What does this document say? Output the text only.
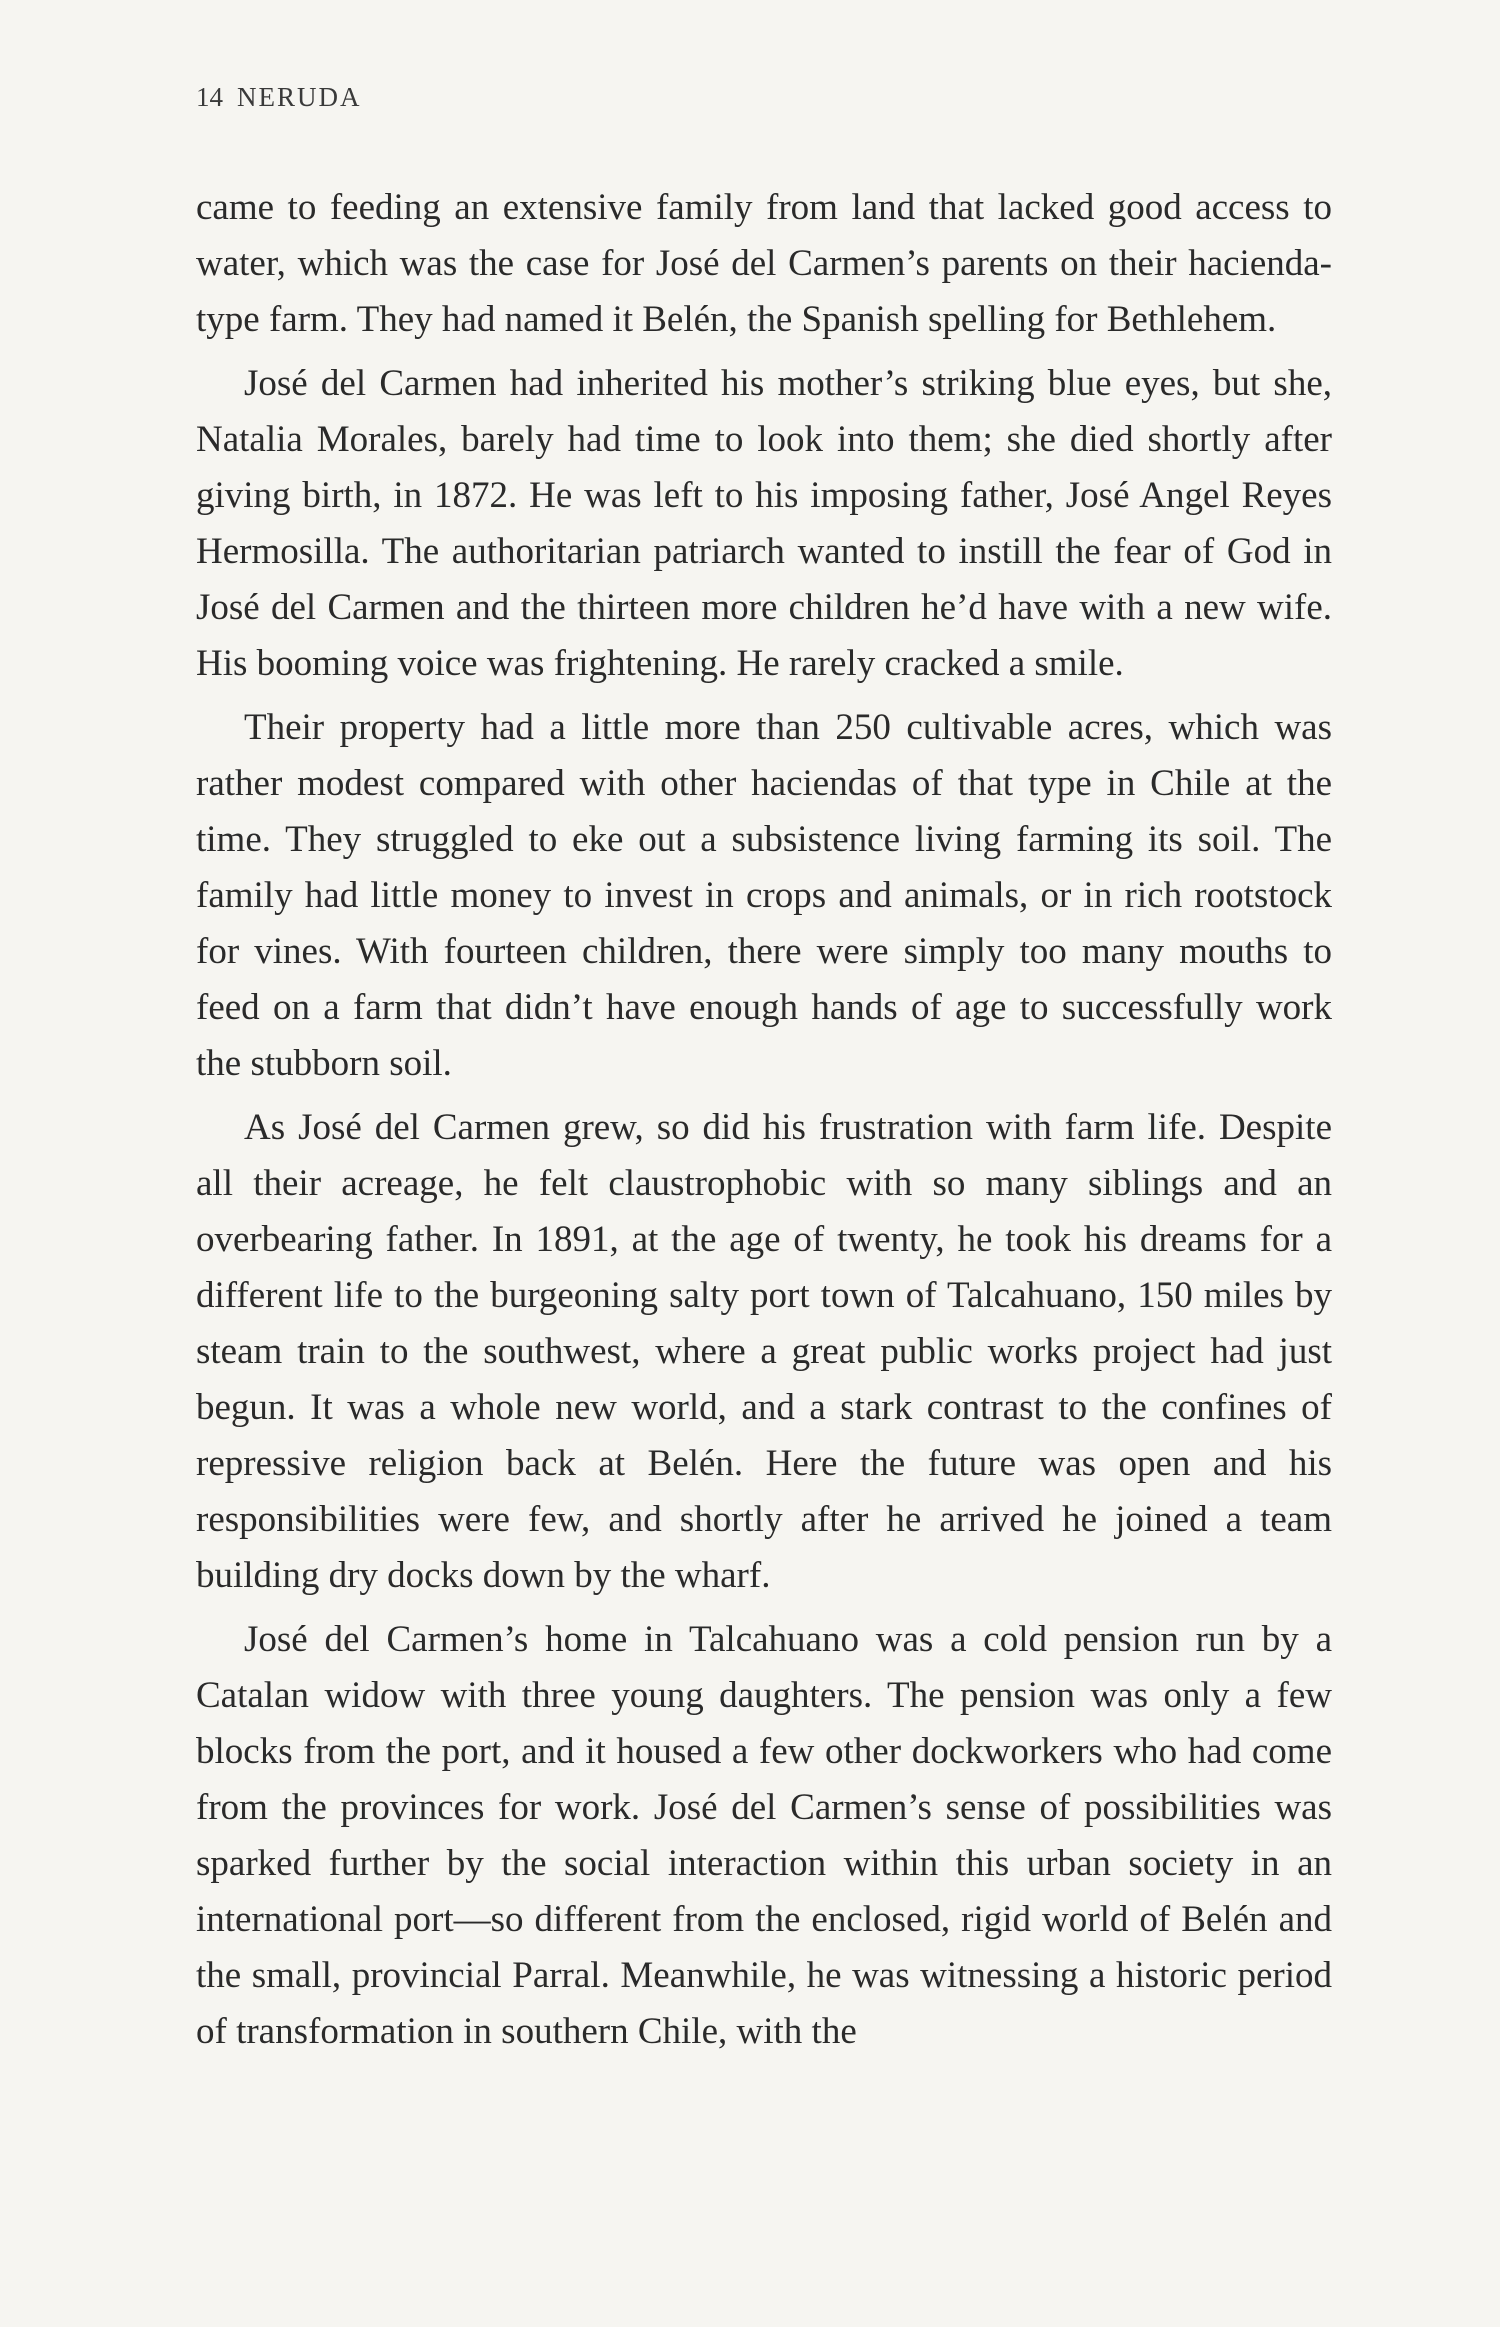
14 NERUDA

came to feeding an extensive family from land that lacked good access to water, which was the case for José del Carmen’s parents on their hacienda-type farm. They had named it Belén, the Spanish spelling for Bethlehem.

José del Carmen had inherited his mother’s striking blue eyes, but she, Natalia Morales, barely had time to look into them; she died shortly after giving birth, in 1872. He was left to his imposing father, José Angel Reyes Hermosilla. The authoritarian patriarch wanted to instill the fear of God in José del Carmen and the thirteen more children he’d have with a new wife. His booming voice was frightening. He rarely cracked a smile.

Their property had a little more than 250 cultivable acres, which was rather modest compared with other haciendas of that type in Chile at the time. They struggled to eke out a subsistence living farming its soil. The family had little money to invest in crops and animals, or in rich rootstock for vines. With fourteen children, there were simply too many mouths to feed on a farm that didn’t have enough hands of age to successfully work the stubborn soil.

As José del Carmen grew, so did his frustration with farm life. Despite all their acreage, he felt claustrophobic with so many siblings and an overbearing father. In 1891, at the age of twenty, he took his dreams for a different life to the burgeoning salty port town of Talcahuano, 150 miles by steam train to the southwest, where a great public works project had just begun. It was a whole new world, and a stark contrast to the confines of repressive religion back at Belén. Here the future was open and his responsibilities were few, and shortly after he arrived he joined a team building dry docks down by the wharf.

José del Carmen’s home in Talcahuano was a cold pension run by a Catalan widow with three young daughters. The pension was only a few blocks from the port, and it housed a few other dockworkers who had come from the provinces for work. José del Carmen’s sense of possibilities was sparked further by the social interaction within this urban society in an international port—so different from the enclosed, rigid world of Belén and the small, provincial Parral. Meanwhile, he was witnessing a historic period of transformation in southern Chile, with the
